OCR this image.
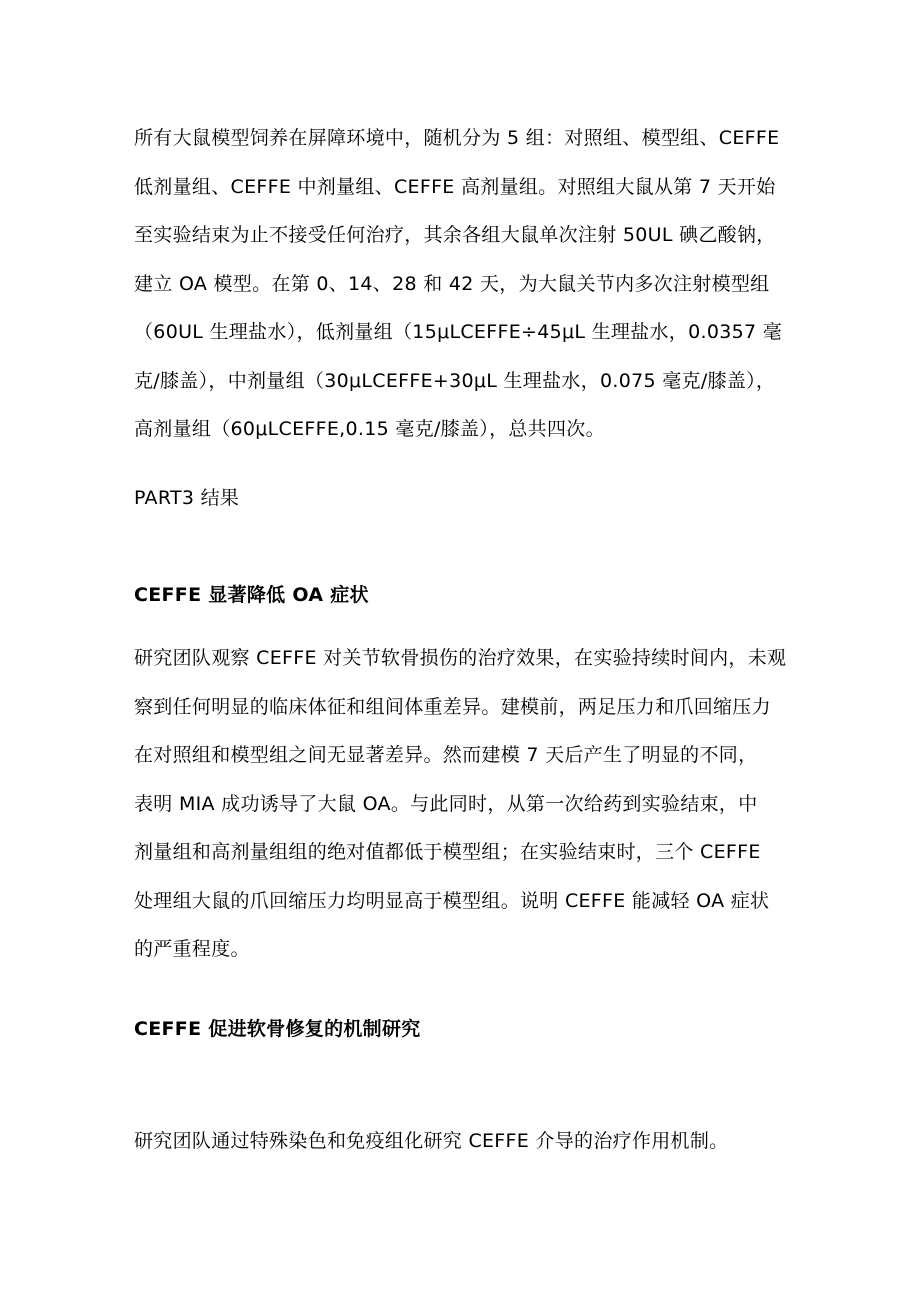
所有大鼠模型饲养在屏障环境中，随机分为 5 组：对照组、模型组、CEFFE
低剂量组、CEFFE 中剂量组、CEFFE 高剂量组。对照组大鼠从第 7 天开始
至实验结束为止不接受任何治疗，其余各组大鼠单次注射 50UL 碘乙酸钠，
建立 OA 模型。在第 0、14、28 和 42 天，为大鼠关节内多次注射模型组
（60UL 生理盐水），低剂量组（15μLCEFFE÷45μL 生理盐水，0.0357 毫
克/膝盖），中剂量组（30μLCEFFE+30μL 生理盐水，0.075 毫克/膝盖），
高剂量组（60μLCEFFE,0.15 毫克/膝盖），总共四次。

PART3 结果

CEFFE 显著降低 OA 症状

研究团队观察 CEFFE 对关节软骨损伤的治疗效果，在实验持续时间内，未观
察到任何明显的临床体征和组间体重差异。建模前，两足压力和爪回缩压力
在对照组和模型组之间无显著差异。然而建模 7 天后产生了明显的不同，
表明 MIA 成功诱导了大鼠 OA。与此同时，从第一次给药到实验结束，中
剂量组和高剂量组组的绝对值都低于模型组；在实验结束时，三个 CEFFE
处理组大鼠的爪回缩压力均明显高于模型组。说明 CEFFE 能减轻 OA 症状
的严重程度。

CEFFE 促进软骨修复的机制研究

研究团队通过特殊染色和免疫组化研究 CEFFE 介导的治疗作用机制。
